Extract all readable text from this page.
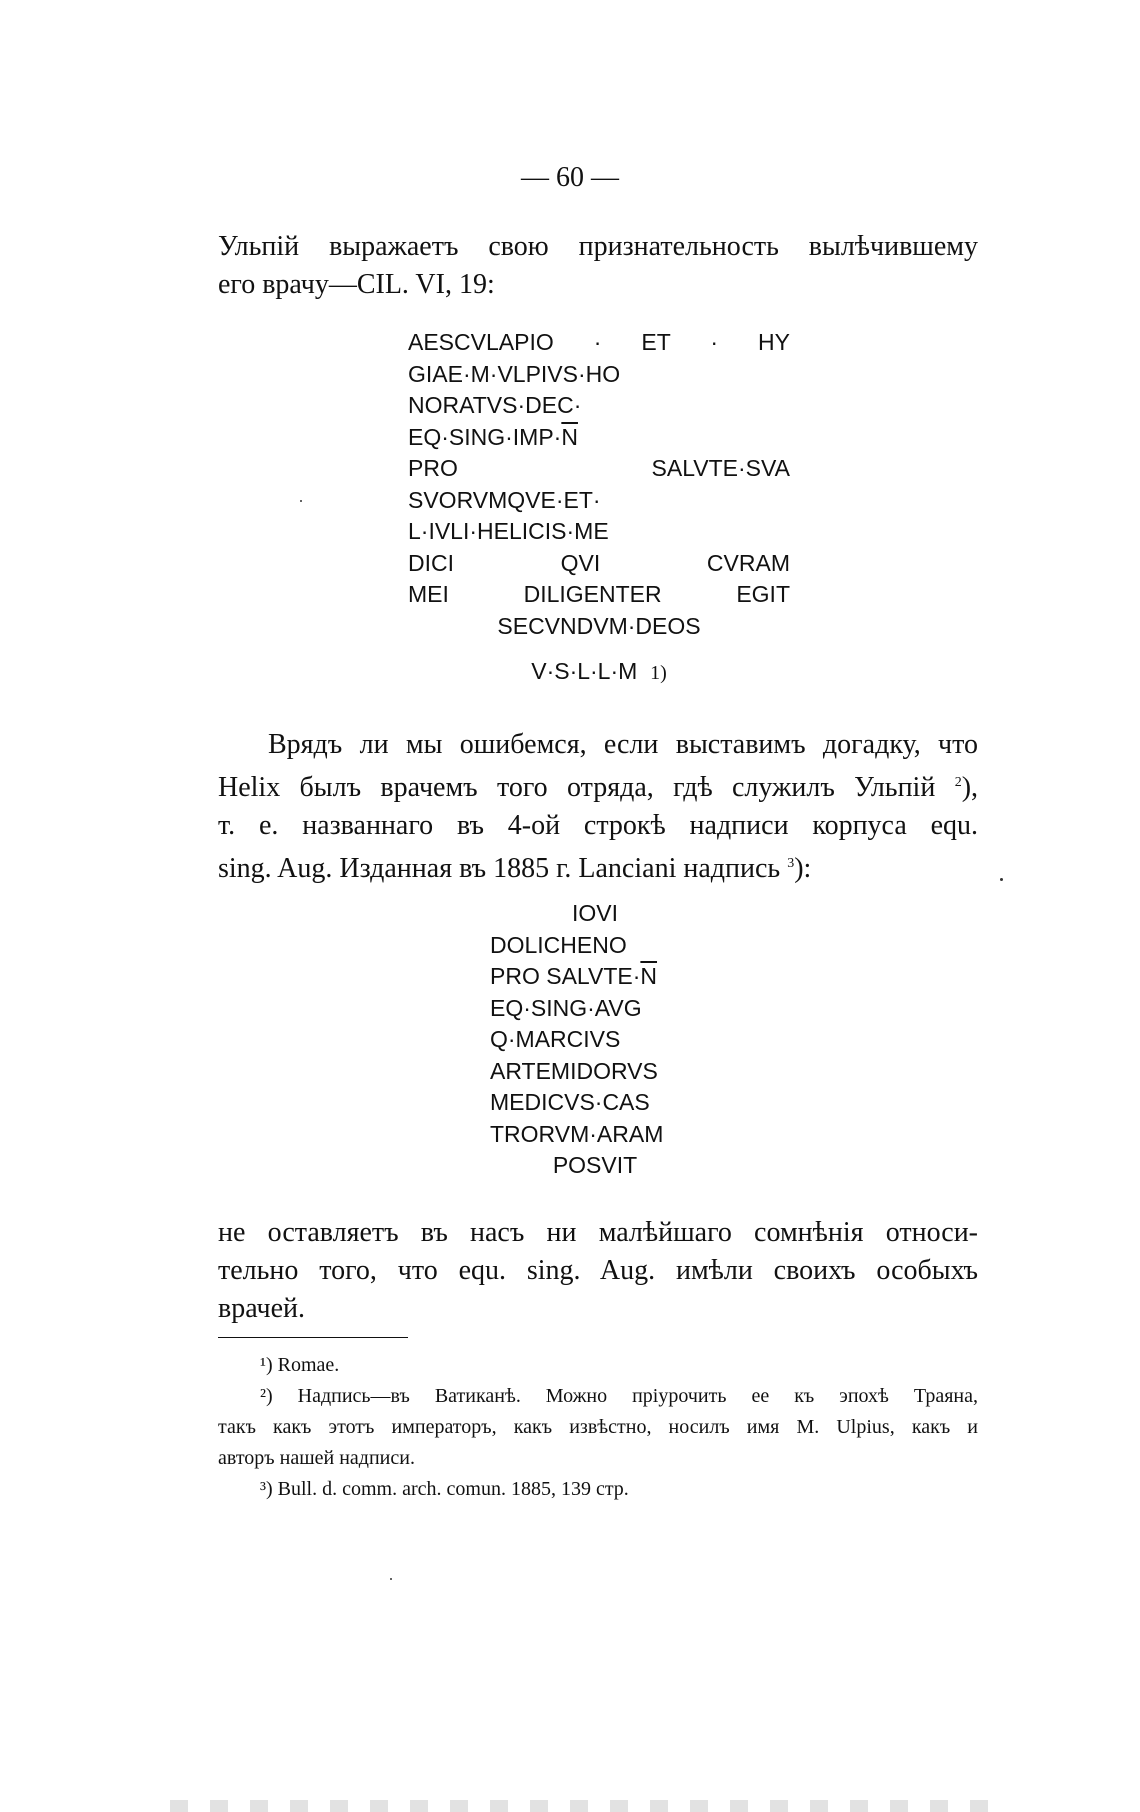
— 60 —
Ульпій выражаетъ свою признательность вылѣчившему
его врачу—CIL. VI, 19:
AESCVLAPIO · ET · HY
GIAE·M·VLPIVS·HO
NORATVS·DEC·
$EQ\cdot SING\cdot IMP\cdot\overline{N}$
PRO SALVTE·SVA
SVORVMQVE·ET·
L·IVLI·HELICIS·ME
DICI QVI CVRAM
MEI DILIGENTER EGIT
SECVNDVM·DEOS
V·S·L·L·M 1)
Врядъ ли мы ошибемся, если выставимъ догадку, что
Helix былъ врачемъ того отряда, гдѣ служилъ Ульпій $^2$),
т. е. названнаго въ 4-ой строкѣ надписи корпуса equ.
sing. Aug. Изданная въ 1885 г. Lanciani надпись $^3$):
IOVI
DOLICHENO
PRO $SALVTE\cdot\overline{N}$
EQ·SING·AVG
Q·MARCIVS
ARTEMIDORVS
MEDICVS·CAS
TRORVM·ARAM
POSVIT
не оставляетъ въ насъ ни малѣйшаго сомнѣнія относи-
тельно того, что equ. sing. Aug. имѣли своихъ особыхъ
врачей.
¹) Romae.
²) Надпись—въ Ватиканѣ. Можно пріурочить ее къ эпохѣ Траяна,
такъ какъ этотъ императоръ, какъ извѣстно, носилъ имя M. Ulpius, какъ и
авторъ нашей надписи.
³) Bull. d. comm. arch. comun. 1885, 139 стр.
